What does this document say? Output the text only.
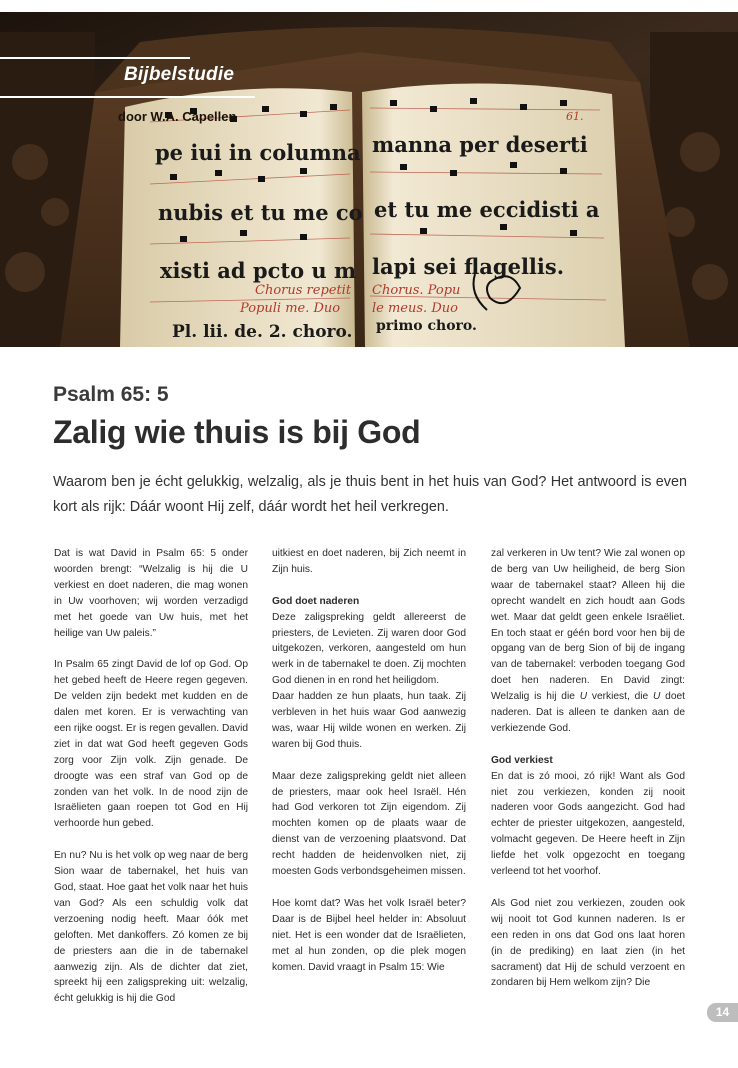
pe iui in columna
nubis et tu me co
xisti ad pcto u m
Pl. lii. de. 2. choro.
manna per deserti
et tu me eccidisti a
lapi sei flagellis.
primo choro.
Chorus repetit
Populi me. Duo
Chorus. Popu
le meus. Duo
61.
Bijbelstudie
door W.A. Capellen
Psalm 65: 5
Zalig wie thuis is bij God
Waarom ben je écht gelukkig, welzalig, als je thuis bent in het huis van God? Het antwoord is even kort als rijk: Dáár woont Hij zelf, dáár wordt het heil verkregen.

Dat is wat David in Psalm 65: 5 onder woorden brengt: “Welzalig is hij die U verkiest en doet naderen, die mag wonen in Uw voorhoven; wij worden verzadigd met het goede van Uw huis, met het heilige van Uw paleis.”

In Psalm 65 zingt David de lof op God. Op het gebed heeft de Heere regen gegeven. De velden zijn bedekt met kudden en de dalen met koren. Er is verwachting van een rijke oogst. Er is regen gevallen. David ziet in dat wat God heeft gegeven Gods zorg voor Zijn volk. Zijn genade. De droogte was een straf van God op de zonden van het volk. In de nood zijn de Israëlieten gaan roepen tot God en Hij verhoorde hun gebed.

En nu? Nu is het volk op weg naar de berg Sion waar de tabernakel, het huis van God, staat. Hoe gaat het volk naar het huis van God? Als een schuldig volk dat verzoening nodig heeft. Maar óók met geloften. Met dankoffers. Zó komen ze bij de priesters aan die in de tabernakel aanwezig zijn. Als de dichter dat ziet, spreekt hij een zaligspreking uit: welzalig, écht gelukkig is hij die God

uitkiest en doet naderen, bij Zich neemt in Zijn huis.

God doet naderen

Deze zaligspreking geldt allereerst de priesters, de Levieten. Zij waren door God uitgekozen, verkoren, aangesteld om hun werk in de tabernakel te doen. Zij mochten God dienen in en rond het heiligdom.

Daar hadden ze hun plaats, hun taak. Zij verbleven in het huis waar God aanwezig was, waar Hij wilde wonen en werken. Zij waren bij God thuis.

Maar deze zaligspreking geldt niet alleen de priesters, maar ook heel Israël. Hén had God verkoren tot Zijn eigendom. Zij mochten komen op de plaats waar de dienst van de verzoening plaatsvond. Dat recht hadden de heidenvolken niet, zij moesten Gods verbondsgeheimen missen.

Hoe komt dat? Was het volk Israël beter? Daar is de Bijbel heel helder in: Absoluut niet. Het is een wonder dat de Israëlieten, met al hun zonden, op die plek mogen komen. David vraagt in Psalm 15: Wie

zal verkeren in Uw tent? Wie zal wonen op de berg van Uw heiligheid, de berg Sion waar de tabernakel staat? Alleen hij die oprecht wandelt en zich houdt aan Gods wet. Maar dat geldt geen enkele Israëliet. En toch staat er géén bord voor hen bij de opgang van de berg Sion of bij de ingang van de tabernakel: verboden toegang God doet hen naderen. En David zingt: Welzalig is hij die U verkiest, die U doet naderen. Dat is alleen te danken aan de verkiezende God.

God verkiest

En dat is zó mooi, zó rijk! Want als God niet zou verkiezen, konden zij nooit naderen voor Gods aangezicht. God had echter de priester uitgekozen, aangesteld, volmacht gegeven. De Heere heeft in Zijn liefde het volk opgezocht en toegang verleend tot het voorhof.

Als God niet zou verkiezen, zouden ook wij nooit tot God kunnen naderen. Is er een reden in ons dat God ons laat horen (in de prediking) en laat zien (in het sacrament) dat Hij de schuld verzoent en zondaren bij Hem welkom zijn? Die

14
